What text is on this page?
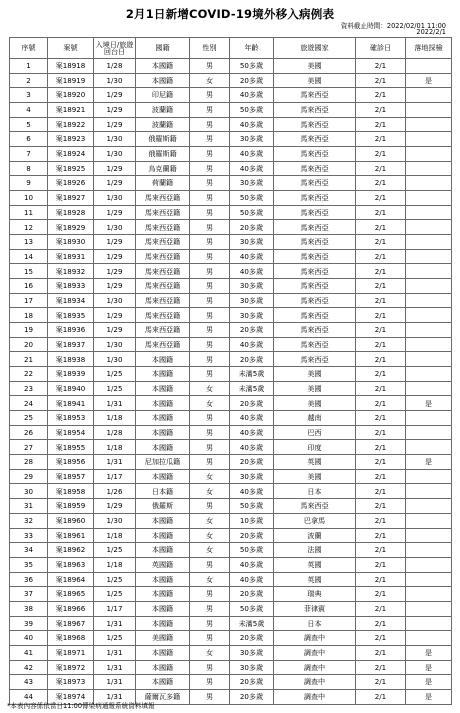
2月1日新增COVID-19境外移入病例表
資料截止時間：2022/02/01 11:00
2022/2/1
序號	案號	入境日/旅遊回台日	國籍	性別	年齡	旅遊國家	確診日	落地採檢
1	案18918	1/28	本國籍	男	50多歲	美國	2/1	
2	案18919	1/30	本國籍	女	20多歲	美國	2/1	是
3	案18920	1/29	印尼籍	男	40多歲	馬來西亞	2/1	
4	案18921	1/29	波蘭籍	男	50多歲	馬來西亞	2/1	
5	案18922	1/29	波蘭籍	男	40多歲	馬來西亞	2/1	
6	案18923	1/30	俄羅斯籍	男	30多歲	馬來西亞	2/1	
7	案18924	1/30	俄羅斯籍	男	40多歲	馬來西亞	2/1	
8	案18925	1/29	烏克蘭籍	男	40多歲	馬來西亞	2/1	
9	案18926	1/29	荷蘭籍	男	30多歲	馬來西亞	2/1	
10	案18927	1/30	馬來西亞籍	男	50多歲	馬來西亞	2/1	
11	案18928	1/29	馬來西亞籍	男	50多歲	馬來西亞	2/1	
12	案18929	1/30	馬來西亞籍	男	20多歲	馬來西亞	2/1	
13	案18930	1/29	馬來西亞籍	男	30多歲	馬來西亞	2/1	
14	案18931	1/29	馬來西亞籍	男	40多歲	馬來西亞	2/1	
15	案18932	1/29	馬來西亞籍	男	40多歲	馬來西亞	2/1	
16	案18933	1/29	馬來西亞籍	男	30多歲	馬來西亞	2/1	
17	案18934	1/30	馬來西亞籍	男	30多歲	馬來西亞	2/1	
18	案18935	1/29	馬來西亞籍	男	30多歲	馬來西亞	2/1	
19	案18936	1/29	馬來西亞籍	男	20多歲	馬來西亞	2/1	
20	案18937	1/30	馬來西亞籍	男	40多歲	馬來西亞	2/1	
21	案18938	1/30	本國籍	男	20多歲	馬來西亞	2/1	
22	案18939	1/25	本國籍	男	未滿5歲	美國	2/1	
23	案18940	1/25	本國籍	女	未滿5歲	美國	2/1	
24	案18941	1/31	本國籍	女	20多歲	美國	2/1	是
25	案18953	1/18	本國籍	男	40多歲	越南	2/1	
26	案18954	1/28	本國籍	男	40多歲	巴西	2/1	
27	案18955	1/18	本國籍	男	40多歲	印度	2/1	
28	案18956	1/31	尼加拉瓜籍	男	20多歲	英國	2/1	是
29	案18957	1/17	本國籍	女	30多歲	美國	2/1	
30	案18958	1/26	日本籍	女	40多歲	日本	2/1	
31	案18959	1/29	俄羅斯	男	50多歲	馬來西亞	2/1	
32	案18960	1/30	本國籍	女	10多歲	巴拿馬	2/1	
33	案18961	1/18	本國籍	女	20多歲	波蘭	2/1	
34	案18962	1/25	本國籍	女	50多歲	法國	2/1	
35	案18963	1/18	英國籍	男	40多歲	英國	2/1	
36	案18964	1/25	本國籍	女	40多歲	英國	2/1	
37	案18965	1/25	本國籍	男	20多歲	瑞典	2/1	
38	案18966	1/17	本國籍	男	50多歲	菲律賓	2/1	
39	案18967	1/31	本國籍	男	未滿5歲	日本	2/1	
40	案18968	1/25	美國籍	男	20多歲	調查中	2/1	
41	案18971	1/31	本國籍	女	30多歲	調查中	2/1	是
42	案18972	1/31	本國籍	男	30多歲	調查中	2/1	是
43	案18973	1/31	本國籍	男	20多歲	調查中	2/1	是
44	案18974	1/31	薩爾瓦多籍	男	20多歲	調查中	2/1	是
*本表內容係依當日11:00傳染病通報系統資料填報
